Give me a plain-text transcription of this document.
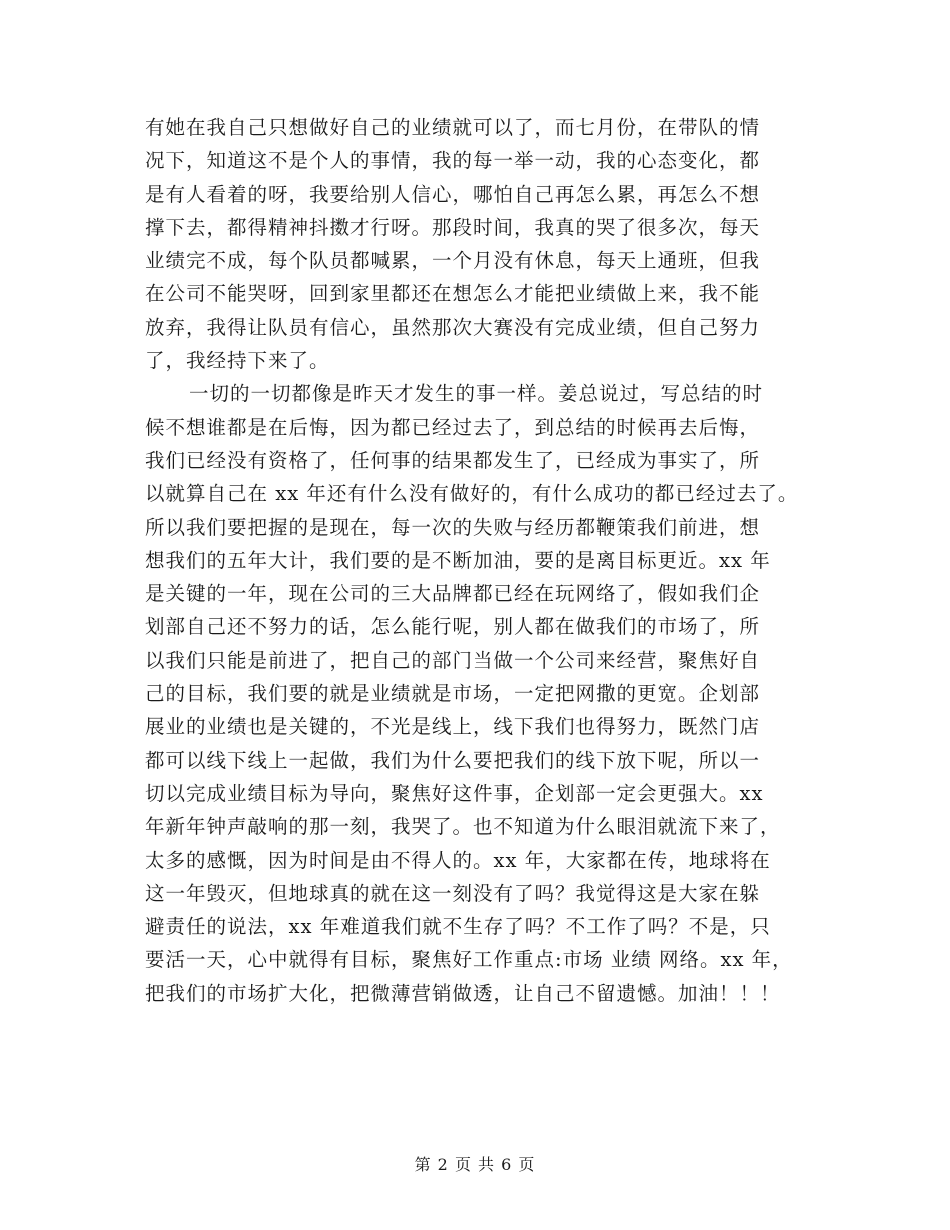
有她在我自己只想做好自己的业绩就可以了，而七月份，在带队的情
况下，知道这不是个人的事情，我的每一举一动，我的心态变化，都
是有人看着的呀，我要给别人信心，哪怕自己再怎么累，再怎么不想
撑下去，都得精神抖擞才行呀。那段时间，我真的哭了很多次，每天
业绩完不成，每个队员都喊累，一个月没有休息，每天上通班，但我
在公司不能哭呀，回到家里都还在想怎么才能把业绩做上来，我不能
放弃，我得让队员有信心，虽然那次大赛没有完成业绩，但自己努力
了，我经持下来了。
一切的一切都像是昨天才发生的事一样。姜总说过，写总结的时
候不想谁都是在后悔，因为都已经过去了，到总结的时候再去后悔，
我们已经没有资格了，任何事的结果都发生了，已经成为事实了，所
以就算自己在 xx 年还有什么没有做好的，有什么成功的都已经过去了。
所以我们要把握的是现在，每一次的失败与经历都鞭策我们前进，想
想我们的五年大计，我们要的是不断加油，要的是离目标更近。xx 年
是关键的一年，现在公司的三大品牌都已经在玩网络了，假如我们企
划部自己还不努力的话，怎么能行呢，别人都在做我们的市场了，所
以我们只能是前进了，把自己的部门当做一个公司来经营，聚焦好自
己的目标，我们要的就是业绩就是市场，一定把网撒的更宽。企划部
展业的业绩也是关键的，不光是线上，线下我们也得努力，既然门店
都可以线下线上一起做，我们为什么要把我们的线下放下呢，所以一
切以完成业绩目标为导向，聚焦好这件事，企划部一定会更强大。xx
年新年钟声敲响的那一刻，我哭了。也不知道为什么眼泪就流下来了，
太多的感慨，因为时间是由不得人的。xx 年，大家都在传，地球将在
这一年毁灭，但地球真的就在这一刻没有了吗？我觉得这是大家在躲
避责任的说法，xx 年难道我们就不生存了吗？不工作了吗？不是，只
要活一天，心中就得有目标，聚焦好工作重点:市场 业绩 网络。xx 年，
把我们的市场扩大化，把微薄营销做透，让自己不留遗憾。加油！！！
第 2 页 共 6 页
